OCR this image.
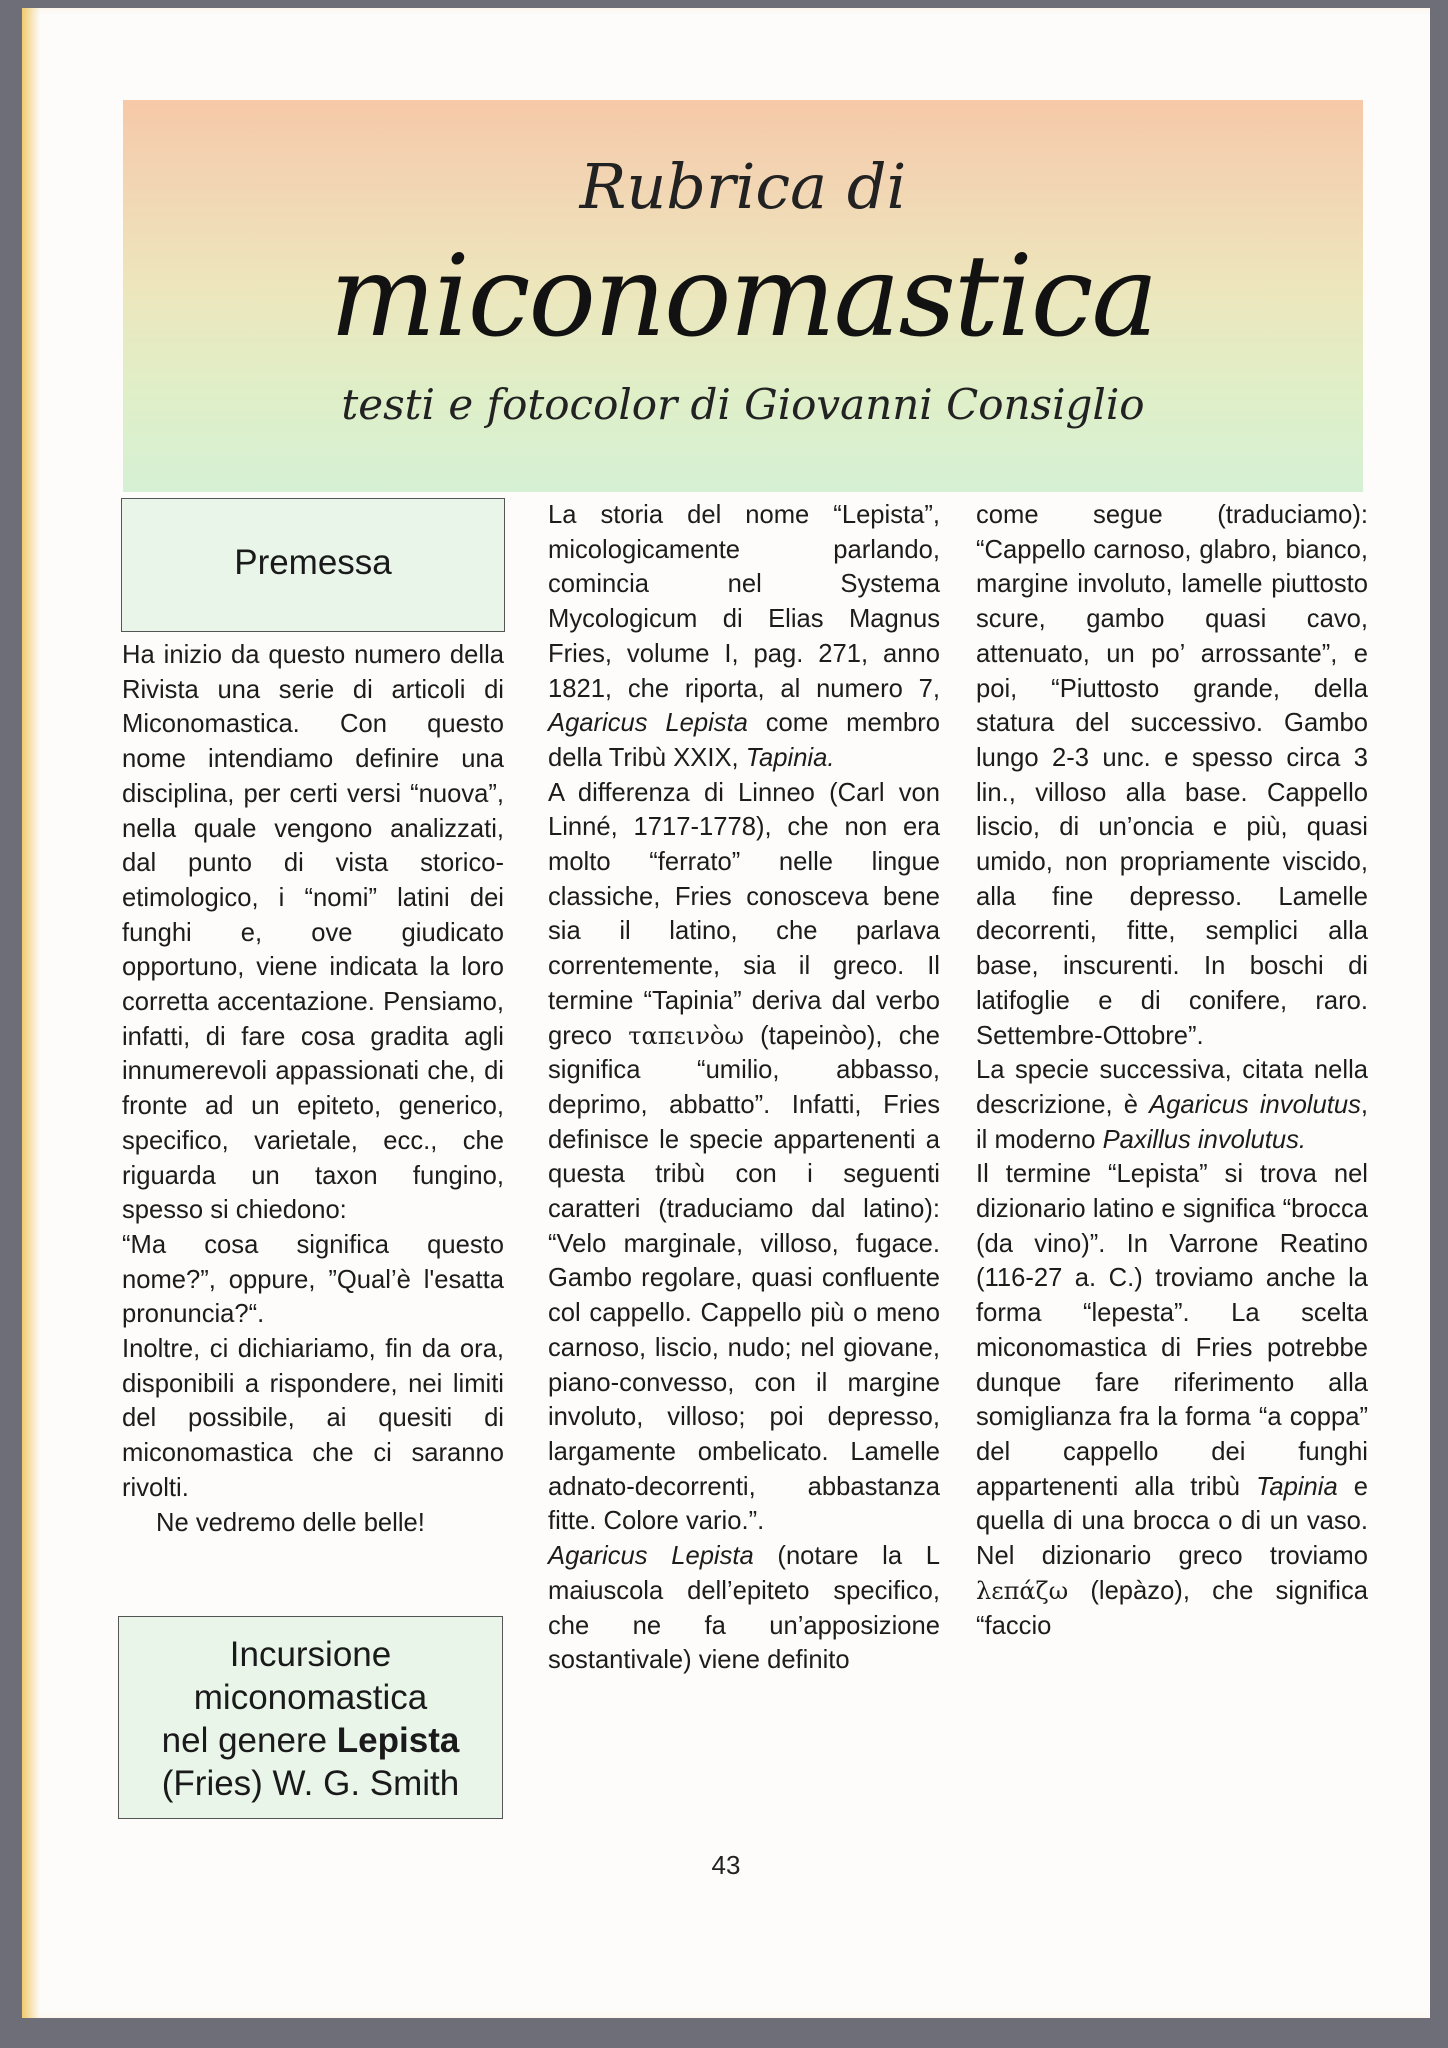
Rubrica di
miconomastica
testi e fotocolor di Giovanni Consiglio
Premessa

Ha inizio da questo numero della Rivista una serie di articoli di Miconomastica. Con questo nome intendiamo definire una disciplina, per certi versi “nuova”, nella quale vengono analizzati, dal punto di vista storico-etimologico, i “nomi” latini dei funghi e, ove giudicato opportuno, viene indicata la loro corretta accentazione. Pensiamo, infatti, di fare cosa gradita agli innumerevoli appassionati che, di fronte ad un epiteto, generico, specifico, varietale, ecc., che riguarda un taxon fungino, spesso si chiedono:

“Ma cosa significa questo nome?”, oppure, ”Qual’è l'esatta pronuncia?“.

Inoltre, ci dichiariamo, fin da ora, disponibili a rispondere, nei limiti del possibile, ai quesiti di miconomastica che ci saranno rivolti.

Ne vedremo delle belle!

Incursione
miconomastica
nel genere Lepista
(Fries) W. G. Smith

La storia del nome “Lepista”, micologicamente parlando, comincia nel Systema Mycologicum di Elias Magnus Fries, volume I, pag. 271, anno 1821, che riporta, al numero 7, Agaricus Lepista come membro della Tribù XXIX, Tapinia.

A differenza di Linneo (Carl von Linné, 1717-1778), che non era molto “ferrato” nelle lingue classiche, Fries conosceva bene sia il latino, che parlava correntemente, sia il greco. Il termine “Tapinia” deriva dal verbo greco ταπεινὸω (tapeinòo), che significa “umilio, abbasso, deprimo, abbatto”. Infatti, Fries definisce le specie appartenenti a questa tribù con i seguenti caratteri (traduciamo dal latino): “Velo marginale, villoso, fugace. Gambo regolare, quasi confluente col cappello. Cappello più o meno carnoso, liscio, nudo; nel giovane, piano-convesso, con il margine involuto, villoso; poi depresso, largamente ombelicato. Lamelle adnato-decorrenti, abbastanza fitte. Colore vario.”.

Agaricus Lepista (notare la L maiuscola dell’epiteto specifico, che ne fa un’apposizione sostantivale) viene definito

come segue (traduciamo): “Cappello carnoso, glabro, bianco, margine involuto, lamelle piuttosto scure, gambo quasi cavo, attenuato, un po’ arrossante”, e poi, “Piuttosto grande, della statura del successivo. Gambo lungo 2-3 unc. e spesso circa 3 lin., villoso alla base. Cappello liscio, di un’oncia e più, quasi umido, non propriamente viscido, alla fine depresso. Lamelle decorrenti, fitte, semplici alla base, inscurenti. In boschi di latifoglie e di conifere, raro. Settembre-Ottobre”.

La specie successiva, citata nella descrizione, è Agaricus involutus, il moderno Paxillus involutus.

Il termine “Lepista” si trova nel dizionario latino e significa “brocca (da vino)”. In Varrone Reatino (116-27 a. C.) troviamo anche la forma “lepesta”. La scelta miconomastica di Fries potrebbe dunque fare riferimento alla somiglianza fra la forma “a coppa” del cappello dei funghi appartenenti alla tribù Tapinia e quella di una brocca o di un vaso. Nel dizionario greco troviamo λεπάζω (lepàzo), che significa “faccio

43
